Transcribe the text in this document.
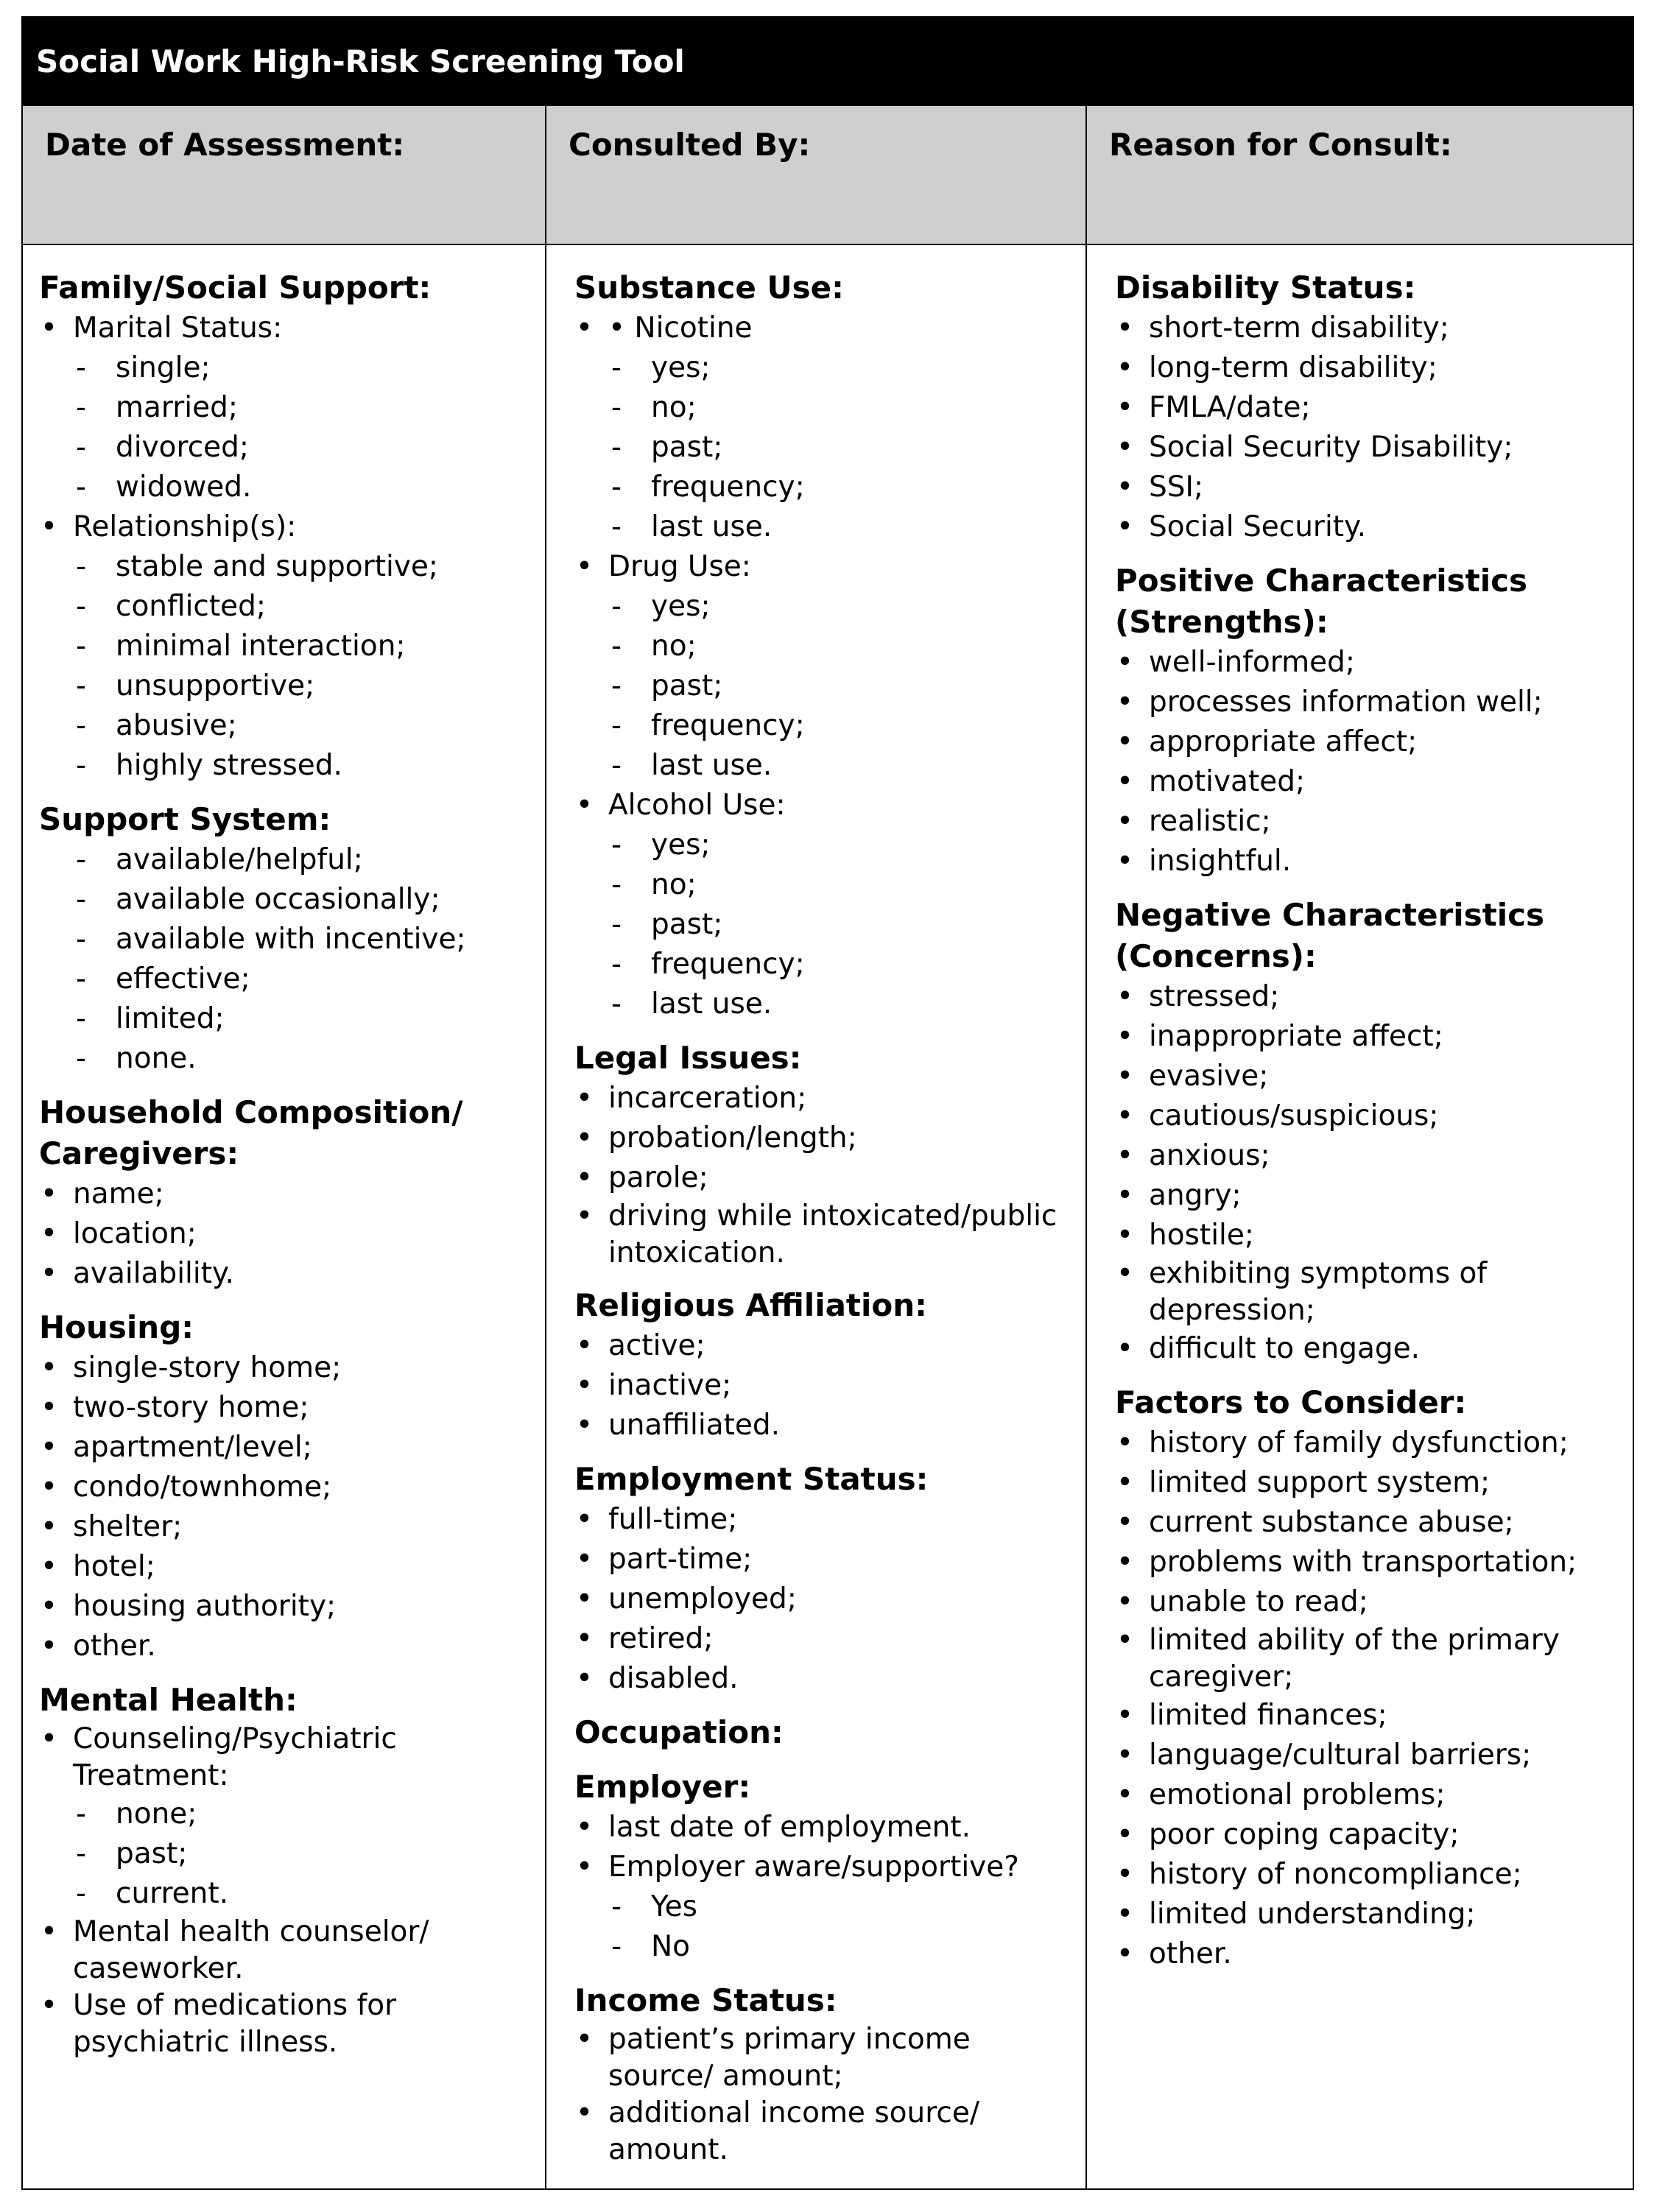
Social Work High-Risk Screening Tool
Date of Assessment:	Consulted By:	Reason for Consult:
Family/Social Support:
• Marital Status:
- single;
- married;
- divorced;
- widowed.
• Relationship(s):
- stable and supportive;
- conflicted;
- minimal interaction;
- unsupportive;
- abusive;
- highly stressed.
Support System:
- available/helpful;
- available occasionally;
- available with incentive;
- effective;
- limited;
- none.
Household Composition/ Caregivers:
• name;
• location;
• availability.
Housing:
• single-story home;
• two-story home;
• apartment/level;
• condo/townhome;
• shelter;
• hotel;
• housing authority;
• other.
Mental Health:
• Counseling/Psychiatric Treatment:
- none;
- past;
- current.
• Mental health counselor/ caseworker.
• Use of medications for psychiatric illness.
Substance Use:
• • Nicotine
- yes;
- no;
- past;
- frequency;
- last use.
• Drug Use:
- yes;
- no;
- past;
- frequency;
- last use.
• Alcohol Use:
- yes;
- no;
- past;
- frequency;
- last use.
Legal Issues:
• incarceration;
• probation/length;
• parole;
• driving while intoxicated/public intoxication.
Religious Affiliation:
• active;
• inactive;
• unaffiliated.
Employment Status:
• full-time;
• part-time;
• unemployed;
• retired;
• disabled.
Occupation:
Employer:
• last date of employment.
• Employer aware/supportive?
- Yes
- No
Income Status:
• patient’s primary income source/ amount;
• additional income source/ amount.
Disability Status:
• short-term disability;
• long-term disability;
• FMLA/date;
• Social Security Disability;
• SSI;
• Social Security.
Positive Characteristics (Strengths):
• well-informed;
• processes information well;
• appropriate affect;
• motivated;
• realistic;
• insightful.
Negative Characteristics (Concerns):
• stressed;
• inappropriate affect;
• evasive;
• cautious/suspicious;
• anxious;
• angry;
• hostile;
• exhibiting symptoms of depression;
• difficult to engage.
Factors to Consider:
• history of family dysfunction;
• limited support system;
• current substance abuse;
• problems with transportation;
• unable to read;
• limited ability of the primary caregiver;
• limited finances;
• language/cultural barriers;
• emotional problems;
• poor coping capacity;
• history of noncompliance;
• limited understanding;
• other.
